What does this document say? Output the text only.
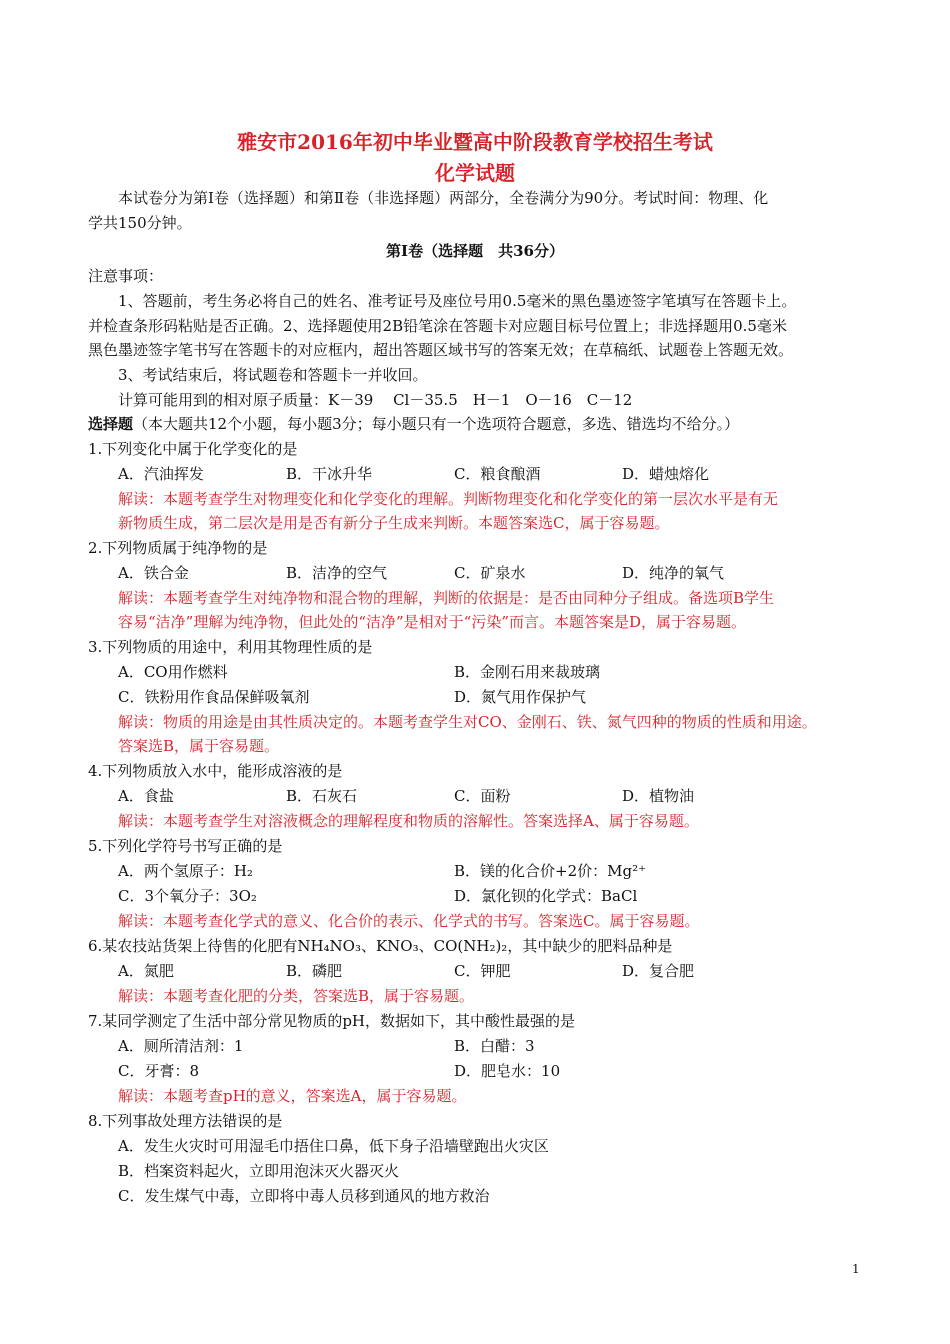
雅安市2016年初中毕业暨高中阶段教育学校招生考试
化学试题
本试卷分为第Ⅰ卷（选择题）和第Ⅱ卷（非选择题）两部分，全卷满分为90分。考试时间：物理、化
学共150分钟。
第Ⅰ卷（选择题　共36分）
注意事项：
1、答题前，考生务必将自己的姓名、准考证号及座位号用0.5毫米的黑色墨迹签字笔填写在答题卡上。
并检查条形码粘贴是否正确。2、选择题使用2B铅笔涂在答题卡对应题目标号位置上；非选择题用0.5毫米
黑色墨迹签字笔书写在答题卡的对应框内，超出答题区域书写的答案无效；在草稿纸、试题卷上答题无效。
3、考试结束后，将试题卷和答题卡一并收回。
计算可能用到的相对原子质量：K－39　 Cl－35.5　H－1　O－16　C－12
选择题（本大题共12个小题，每小题3分；每小题只有一个选项符合题意，多选、错选均不给分。）
1.下列变化中属于化学变化的是
A．汽油挥发	B．干冰升华	C．粮食酿酒	D．蜡烛熔化
解读：本题考查学生对物理变化和化学变化的理解。判断物理变化和化学变化的第一层次水平是有无
新物质生成，第二层次是用是否有新分子生成来判断。本题答案选C，属于容易题。
2.下列物质属于纯净物的是
A．铁合金	B．洁净的空气	C．矿泉水	D．纯净的氧气
解读：本题考查学生对纯净物和混合物的理解，判断的依据是：是否由同种分子组成。备选项B学生
容易“洁净”理解为纯净物，但此处的“洁净”是相对于“污染”而言。本题答案是D，属于容易题。
3.下列物质的用途中，利用其物理性质的是
A．CO用作燃料	B．金刚石用来裁玻璃
C．铁粉用作食品保鲜吸氧剂	D．氮气用作保护气
解读：物质的用途是由其性质决定的。本题考查学生对CO、金刚石、铁、氮气四种的物质的性质和用途。
答案选B，属于容易题。
4.下列物质放入水中，能形成溶液的是
A．食盐	B．石灰石	C．面粉	D．植物油
解读：本题考查学生对溶液概念的理解程度和物质的溶解性。答案选择A、属于容易题。
5.下列化学符号书写正确的是
A．两个氢原子：H₂	B．镁的化合价+2价：Mg²⁺
C．3个氧分子：3O₂	D．氯化钡的化学式：BaCl
解读：本题考查化学式的意义、化合价的表示、化学式的书写。答案选C。属于容易题。
6.某农技站货架上待售的化肥有NH₄NO₃、KNO₃、CO(NH₂)₂，其中缺少的肥料品种是
A．氮肥	B．磷肥	C．钾肥	D．复合肥
解读：本题考查化肥的分类，答案选B，属于容易题。
7.某同学测定了生活中部分常见物质的pH，数据如下，其中酸性最强的是
A．厕所清洁剂：1	B．白醋：3
C．牙膏：8	D．肥皂水：10
解读：本题考查pH的意义，答案选A，属于容易题。
8.下列事故处理方法错误的是
A．发生火灾时可用湿毛巾捂住口鼻，低下身子沿墙壁跑出火灾区
B．档案资料起火，立即用泡沫灭火器灭火
C．发生煤气中毒，立即将中毒人员移到通风的地方救治
1
